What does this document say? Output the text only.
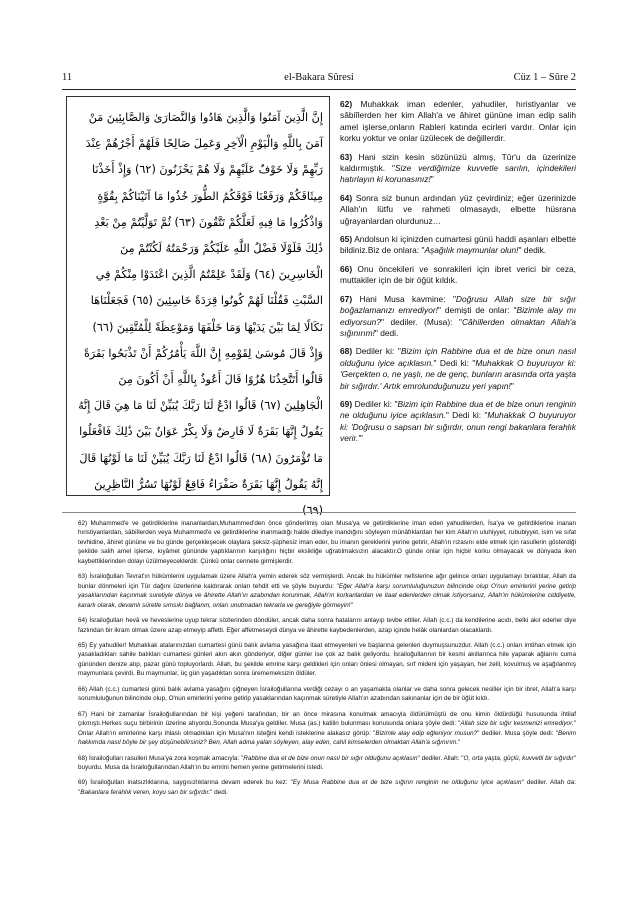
11	el-Bakara Sûresi	Cüz 1 – Sûre 2
إِنَّ الَّذِينَ آمَنُوا وَالَّذِينَ هَادُوا وَالنَّصَارَىٰ وَالصَّابِئِينَ مَنْ
آمَنَ بِاللَّهِ وَالْيَوْمِ الْآخِرِ وَعَمِلَ صَالِحًا فَلَهُمْ أَجْرُهُمْ عِنْدَ
رَبِّهِمْ وَلَا خَوْفٌ عَلَيْهِمْ وَلَا هُمْ يَحْزَنُونَ (٦٢) وَإِذْ أَخَذْنَا
مِيثَاقَكُمْ وَرَفَعْنَا فَوْقَكُمُ الطُّورَ خُذُوا مَا آتَيْنَاكُمْ بِقُوَّةٍ
وَاذْكُرُوا مَا فِيهِ لَعَلَّكُمْ تَتَّقُونَ (٦٣) ثُمَّ تَوَلَّيْتُمْ مِنْ بَعْدِ
ذَٰلِكَ فَلَوْلَا فَضْلُ اللَّهِ عَلَيْكُمْ وَرَحْمَتُهُ لَكُنْتُمْ مِنَ
الْخَاسِرِينَ (٦٤) وَلَقَدْ عَلِمْتُمُ الَّذِينَ اعْتَدَوْا مِنْكُمْ فِي
السَّبْتِ فَقُلْنَا لَهُمْ كُونُوا قِرَدَةً خَاسِئِينَ (٦٥) فَجَعَلْنَاهَا
نَكَالًا لِمَا بَيْنَ يَدَيْهَا وَمَا خَلْفَهَا وَمَوْعِظَةً لِلْمُتَّقِينَ (٦٦)
وَإِذْ قَالَ مُوسَىٰ لِقَوْمِهِ إِنَّ اللَّهَ يَأْمُرُكُمْ أَنْ تَذْبَحُوا بَقَرَةً
قَالُوا أَتَتَّخِذُنَا هُزُوًا قَالَ أَعُوذُ بِاللَّهِ أَنْ أَكُونَ مِنَ
الْجَاهِلِينَ (٦٧) قَالُوا ادْعُ لَنَا رَبَّكَ يُبَيِّنْ لَنَا مَا هِيَ قَالَ إِنَّهُ
يَقُولُ إِنَّهَا بَقَرَةٌ لَا فَارِضٌ وَلَا بِكْرٌ عَوَانٌ بَيْنَ ذَٰلِكَ فَافْعَلُوا
مَا تُؤْمَرُونَ (٦٨) قَالُوا ادْعُ لَنَا رَبَّكَ يُبَيِّنْ لَنَا مَا لَوْنُهَا قَالَ
إِنَّهُ يَقُولُ إِنَّهَا بَقَرَةٌ صَفْرَاءُ فَاقِعٌ لَوْنُهَا تَسُرُّ النَّاظِرِينَ
(٦٩)

62) Muhakkak iman edenler, yahudiler, hıristiyanlar ve sâbiîlerden her kim Allah'a ve âhiret gününe iman edip salih amel işlerse,onların Rableri katında ecirleri vardır. Onlar için korku yoktur ve onlar üzülecek de değillerdir.

63) Hani sizin kesin sözünüzü almış, Tûr'u da üzerinize kaldırmıştık. "Size verdiğimize kuvvetle sarılın, içindekileri hatırlayın ki korunasınız!"

64) Sonra siz bunun ardından yüz çevirdiniz; eğer üzerinizde Allah'ın lütfu ve rahmeti olmasaydı, elbette hüsrana uğrayanlardan olurdunuz…

65) Andolsun ki içinizden cumartesi günü haddi aşanları elbette bildiniz.Biz de onlara: "Aşağılık maymunlar olun!" dedik.

66) Onu öncekileri ve sonrakileri için ibret verici bir ceza, muttakiler için de bir öğüt kıldık.

67) Hani Musa kavmine: "Doğrusu Allah size bir sığır boğazlamanızı emrediyor!" demişti de onlar: "Bizimle alay mı ediyorsun?" dediler. (Musa): "Câhillerden olmaktan Allah'a sığınırım!" dedi.

68) Dediler ki: "Bizim için Rabbine dua et de bize onun nasıl olduğunu iyice açıklasın." Dedi ki: "Muhakkak O buyuruyor ki: 'Gerçekten o, ne yaşlı, ne de genç, bunların arasında orta yaşta bir sığırdır.' Artık emrolunduğunuzu yeri yapın!"

69) Dediler ki: "Bizim için Rabbine dua et de bize onun renginin ne olduğunu iyice açıklasın." Dedi ki: "Muhakkak O buyuruyor ki: 'Doğrusu o sapsarı bir sığırdır, onun rengi bakanlara ferahlık verir.'"

62) Muhammed'e ve getirdiklerine inananlardan,Muhammed'den önce gönderilmiş olan Musa'ya ve getirdiklerine iman eden yahudilerden, İsa'ya ve getirdiklerine inanan hıristiyanlardan, sâbiîlerden veya Muhammed'e ve getirdiklerine inanmadığı halde dilediye inandığını söyleyen münâfıklardan her kim Allah'ın uluhiyyet, rububiyyet, isim ve sıfat tevhidine, âhiret gününe ve bu günde gerçekleşecek olaylara şeksiz-şüphesiz iman eder, bu imanın gereklerini yerine getirir, Allah'ın rızasını elde etmek için rasullerin gösterdiği şekilde salih amel işlerse, kıyâmet gününde yaptıklarının karşılığını hiçbir eksikliğe uğratılmaksızın alacaktır.O günde onlar için hiçbir korku olmayacak ve dünyada iken kaybettiklerinden dolayı üzülmeyeceklerdir. Çünkü onlar cennete girmişlerdir.

63) İsrailoğulları Tevrat'ın hükümlerini uygulamak üzere Allah'a yemin ederek söz vermişlerdi. Ancak bu hükümler nefislerine ağır gelince onları uygulamayı bıraktılar, Allah da bunlar dönmeleri için Tûr dağını üzerlerine kaldırarak onları tehdit etti ve şöyle buyurdu: "Eğer Allah'a karşı sorumluluğunuzun bilincinde olup O'nun emirlerini yerine getirip yasaklarından kaçınmak suretiyle dünya ve âhirette Allah'ın azabından korunmak, Allah'ın korkanlardan ve itaat edenlerden olmak istiyorsanız, Allah'ın hükümlerine ciddiyetle, kararlı olarak, devamlı süretle sımsıkı bağlanın, onları unutmadan tekrarla ve gereğiyle görmeyin!"

64) İsrailoğulları hevâ ve heveslerine uyup tekrar sözlerinden döndüler, ancak daha sonra hatalarını anlayıp tevbe ettiler. Allah (c.c.) da kendilerine acıdı, belki akıl ederler diye fazlından bir ikram olmak üzere azap etmeyip affetti. Eğer affetmeseydi dünya ve âhirette kaybedenlerden, azap içinde helâk olanlardan olacaklardı.

65) Ey yahudiler! Muhakkak atalarınızdan cumartesi günü balık avlama yasağına itaat etmeyenleri ve başlarına gelenleri duymuşsunuzdur. Allah (c.c.) onları imtihan etmek için yasakladıkları sahile balıkları cumartesi günleri akın akın gönderiyor, diğer günler ise çok az balık geliyordu. İsrailoğullarının bir kesmi akıllarınca hile yaparak ağlarını cuma gününden denize atıp, pazar günü topluyorlardı. Allah, bu şekilde emrine karşı geldikleri için onları önlesi olmayan, sırf mideni için yaşayan, her zelil, kovulmuş ve aşağılanmış maymunlara çevirdi. Bu maymunlar, üç gün yaşadıktan sonra ürememeksizin öldüler.

66) Allah (c.c.) cumartesi günü balık avlama yasağını çiğneyen İsrailoğullarına verdiği cezayı o an yaşamakta olanlar ve daha sonra gelecek nesiller için bir ibret, Allah'a karşı sorumluluğunun bilincinde olup, O'nun emirlerini yerine getirip yasaklarından kaçınmak süretiyle Allah'ın azabından sakınanlar için de bir öğüt kıldı.

67) Hani bir zamanlar İsrailoğullarından bir kişi yeğeni tarafından, bir an önce mirasına konulmak amacıyla öldürülmüştü de onu kimin öldürdüğü hususunda ihtilaf çıkmıştı.Herkes suçu birbirinin üzerine atıyordu.Sonunda Musa'ya geldiler. Musa (as.) katilin bulunması konusunda onlara şöyle dedi: "Allah size bir sığır kesmenizi emrediyor." Onlar Allah'ın emirlerine karşı ihlaslı olmadıkları için Musa'nın isteğini kendi isteklerine alakasız görüp: "Bizimle alay edip eğleniyor musun?" dediler. Musa şöyle dedi: "Benim hakkımda nasıl böyle bir şey düşünebilirsiniz? Ben, Allah adına yalan söyleyen, alay eden, cahil kimselerden olmaktan Allah'a sığınırım."

68) İsrailoğulları rasulleri Musa'ya zora koşmak amacıyla: "Rabbine dua et de bize onun nasıl bir sığır olduğunu açıklasın" dediler. Allah: "O, orta yaşta, güçlü, kuvvetli bir sığırdır" buyurdu. Musa da İsrailoğullarından Allah'ın bu emrini hemen yerine getirmelerini istedi.

69) İsrailoğulları inatsızlıklarına, saygısızlıklarına devam ederek bu kez: "Ey Musa Rabbine dua et de bize sığırın renginin ne olduğunu iyice açıklasın" dediler. Allah da: "Bakanlara ferahlık veren, koyu sarı bir sığırdır." dedi.
